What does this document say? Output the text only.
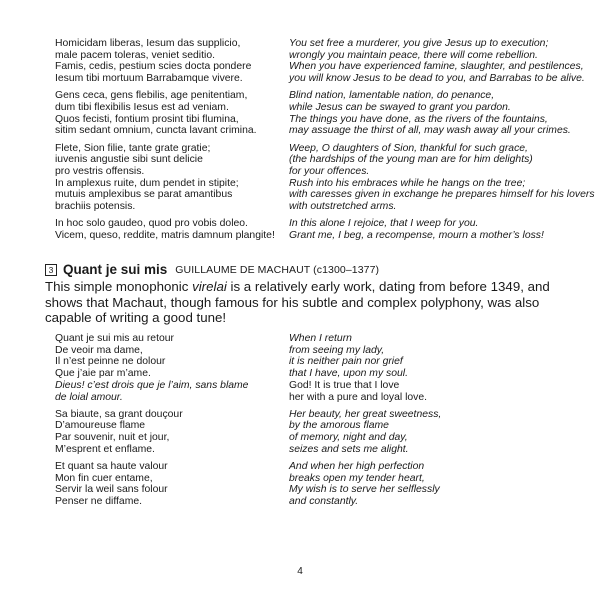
Homicidam liberas, Iesum das supplicio,
male pacem toleras, veniet seditio.
Famis, cedis, pestium scies docta pondere
Iesum tibi mortuum Barrabamque vivere.
Gens ceca, gens flebilis, age penitentiam,
dum tibi flexibilis Iesus est ad veniam.
Quos fecisti, fontium prosint tibi flumina,
sitim sedant omnium, cuncta lavant crimina.
Flete, Sion filie, tante grate gratie;
iuvenis angustie sibi sunt delicie
pro vestris offensis.
In amplexus ruite, dum pendet in stipite;
mutuis amplexibus se parat amantibus
brachiis potensis.
In hoc solo gaudeo, quod pro vobis doleo.
Vicem, queso, reddite, matris damnum plangite!
You set free a murderer, you give Jesus up to execution;
wrongly you maintain peace, there will come rebellion.
When you have experienced famine, slaughter, and pestilences,
you will know Jesus to be dead to you, and Barrabas to be alive.
Blind nation, lamentable nation, do penance,
while Jesus can be swayed to grant you pardon.
The things you have done, as the rivers of the fountains,
may assuage the thirst of all, may wash away all your crimes.
Weep, O daughters of Sion, thankful for such grace,
(the hardships of the young man are for him delights)
for your offences.
Rush into his embraces while he hangs on the tree;
with caresses given in exchange he prepares himself for his lovers
with outstretched arms.
In this alone I rejoice, that I weep for you.
Grant me, I beg, a recompense, mourn a mother’s loss!
3 Quant je sui mis GUILLAUME DE MACHAUT (c1300–1377)

This simple monophonic virelai is a relatively early work, dating from before 1349, and shows that Machaut, though famous for his subtle and complex polyphony, was also capable of writing a good tune!

Quant je sui mis au retour
De veoir ma dame,
Il n’est peinne ne dolour
Que j’aie par m’ame.
Dieus! c’est drois que je l’aim, sans blame
de loial amour.
Sa biaute, sa grant douçour
D’amoureuse flame
Par souvenir, nuit et jour,
M’esprent et enflame.
Et quant sa haute valour
Mon fin cuer entame,
Servir la weil sans folour
Penser ne diffame.
When I return
from seeing my lady,
it is neither pain nor grief
that I have, upon my soul.
God! It is true that I love
her with a pure and loyal love.
Her beauty, her great sweetness,
by the amorous flame
of memory, night and day,
seizes and sets me alight.
And when her high perfection
breaks open my tender heart,
My wish is to serve her selflessly
and constantly.
4
